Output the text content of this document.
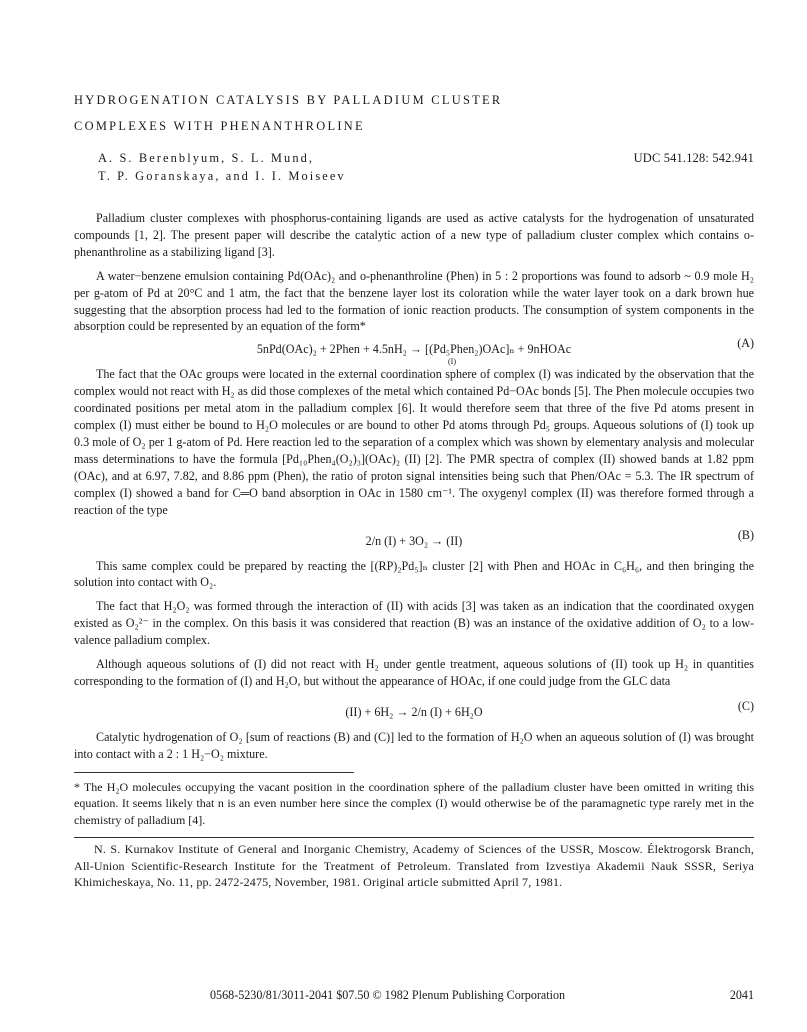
HYDROGENATION CATALYSIS BY PALLADIUM CLUSTER

COMPLEXES WITH PHENANTHROLINE

A. S. Berenblyum, S. L. Mund,
T. P. Goranskaya, and I. I. Moiseev
UDC 541.128: 542.941

Palladium cluster complexes with phosphorus-containing ligands are used as active catalysts for the hydrogenation of unsaturated compounds [1, 2]. The present paper will describe the catalytic action of a new type of palladium cluster complex which contains o-phenanthroline as a stabilizing ligand [3].

A water−benzene emulsion containing Pd(OAc)₂ and o-phenanthroline (Phen) in 5 : 2 proportions was found to adsorb ~ 0.9 mole H₂ per g-atom of Pd at 20°C and 1 atm, the fact that the benzene layer lost its coloration while the water layer took on a dark brown hue suggesting that the absorption process had led to the formation of ionic reaction products. The consumption of system components in the absorption could be represented by an equation of the form*

5nPd(OAc)₂ + 2Phen + 4.5nH₂ → [(Pd₅Phen₂)OAc]ₙ + 9nHOAc
(I)
(A)

The fact that the OAc groups were located in the external coordination sphere of complex (I) was indicated by the observation that the complex would not react with H₂ as did those complexes of the metal which contained Pd−OAc bonds [5]. The Phen molecule occupies two coordinated positions per metal atom in the palladium complex [6]. It would therefore seem that three of the five Pd atoms present in complex (I) must either be bound to H₂O molecules or are bound to other Pd atoms through Pd₅ groups. Aqueous solutions of (I) took up 0.3 mole of O₂ per 1 g-atom of Pd. Here reaction led to the separation of a complex which was shown by elementary analysis and molecular mass determinations to have the formula [Pd₁₀Phen₄(O₂)₃](OAc)₂ (II) [2]. The PMR spectra of complex (II) showed bands at 1.82 ppm (OAc), and at 6.97, 7.82, and 8.86 ppm (Phen), the ratio of proton signal intensities being such that Phen/OAc = 5.3. The IR spectrum of complex (I) showed a band for C═O band absorption in OAc in 1580 cm⁻¹. The oxygenyl complex (II) was therefore formed through a reaction of the type

2/n (I) + 3O₂ → (II)	(B)

This same complex could be prepared by reacting the [(RP)₂Pd₅]ₙ cluster [2] with Phen and HOAc in C₆H₆, and then bringing the solution into contact with O₂.

The fact that H₂O₂ was formed through the interaction of (II) with acids [3] was taken as an indication that the coordinated oxygen existed as O₂²⁻ in the complex. On this basis it was considered that reaction (B) was an instance of the oxidative addition of O₂ to a low-valence palladium complex.

Although aqueous solutions of (I) did not react with H₂ under gentle treatment, aqueous solutions of (II) took up H₂ in quantities corresponding to the formation of (I) and H₂O, but without the appearance of HOAc, if one could judge from the GLC data

(II) + 6H₂ → 2/n (I) + 6H₂O	(C)

Catalytic hydrogenation of O₂ [sum of reactions (B) and (C)] led to the formation of H₂O when an aqueous solution of (I) was brought into contact with a 2 : 1 H₂−O₂ mixture.

* The H₂O molecules occupying the vacant position in the coordination sphere of the palladium cluster have been omitted in writing this equation. It seems likely that n is an even number here since the complex (I) would otherwise be of the paramagnetic type rarely met in the chemistry of palladium [4].

N. S. Kurnakov Institute of General and Inorganic Chemistry, Academy of Sciences of the USSR, Moscow. Élektrogorsk Branch, All-Union Scientific-Research Institute for the Treatment of Petroleum. Translated from Izvestiya Akademii Nauk SSSR, Seriya Khimicheskaya, No. 11, pp. 2472-2475, November, 1981. Original article submitted April 7, 1981.

0568-5230/81/3011-2041 $07.50 © 1982 Plenum Publishing Corporation	2041
